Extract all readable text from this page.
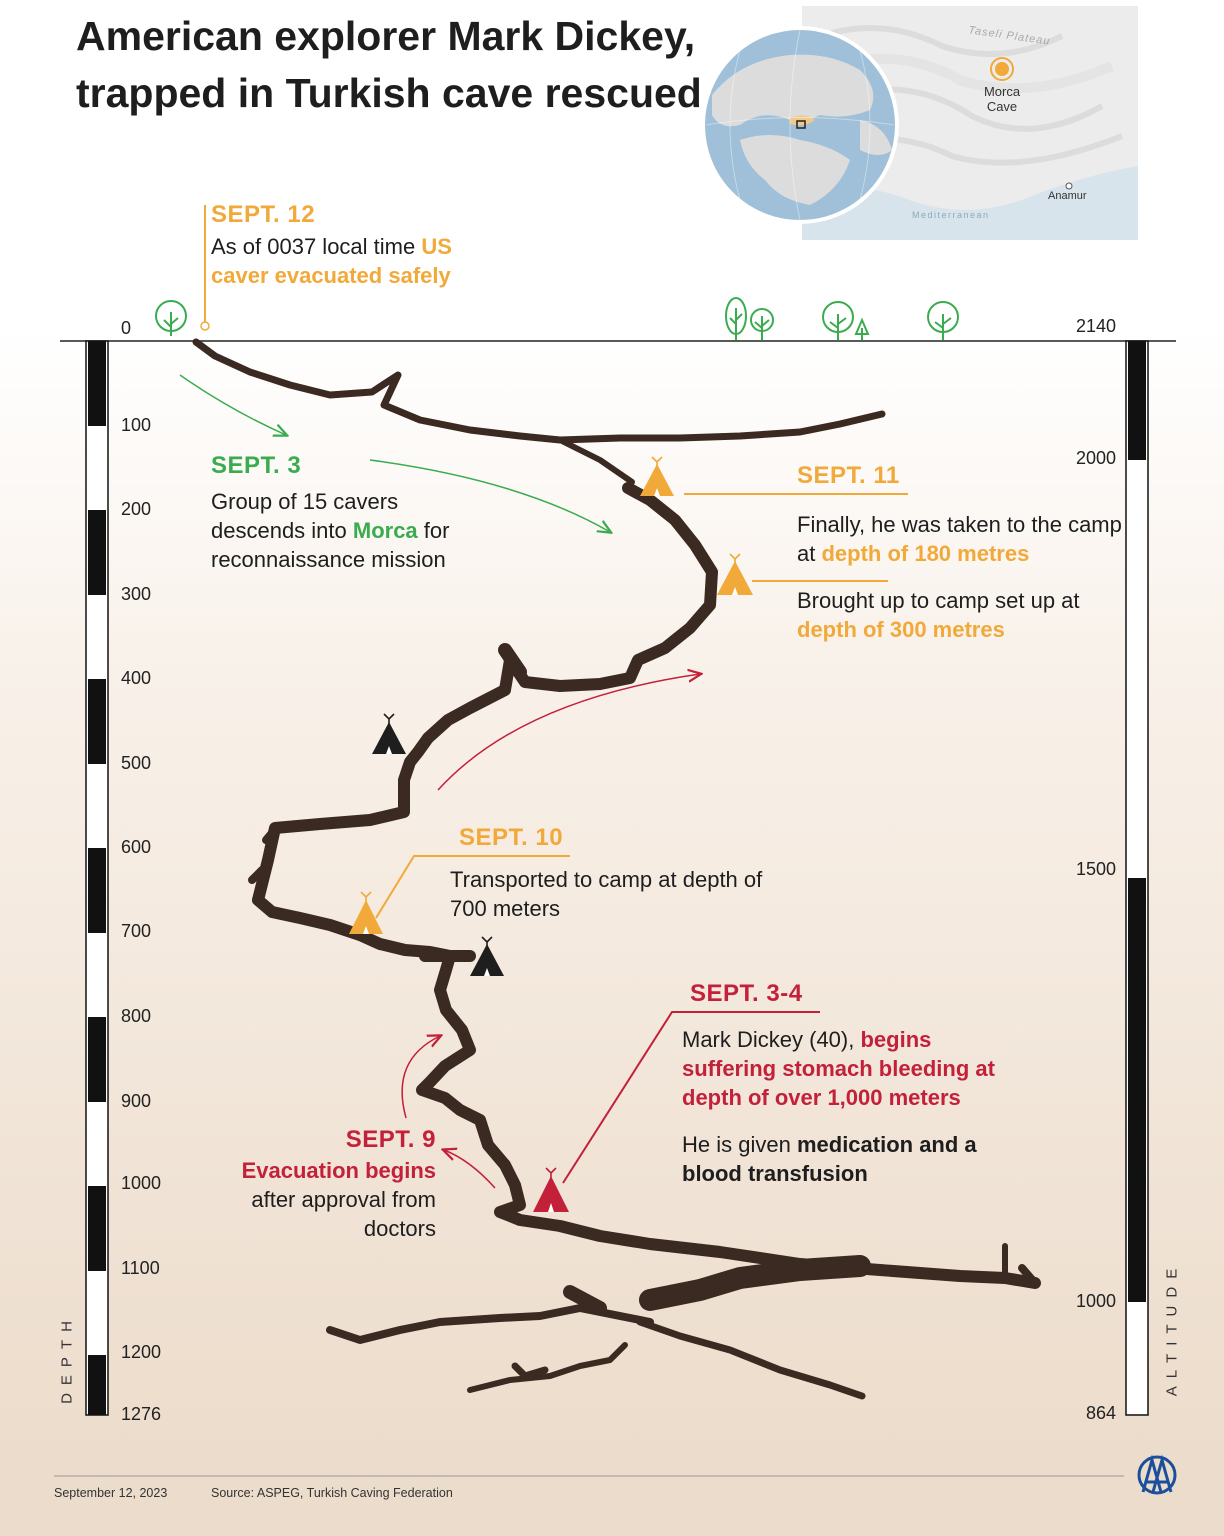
American explorer Mark Dickey, trapped in Turkish cave rescued
Taseli Plateau
Morca
Cave
Anamur
Mediterranean
SEPT. 12
As of 0037 local time US caver evacuated safely
SEPT. 3
Group of 15 cavers descends into Morca for reconnaissance mission
SEPT. 11
Finally, he was taken to the camp at depth of 180 metres
Brought up to camp set up at depth of 300 metres
SEPT. 10
Transported to camp at depth of 700 meters
SEPT. 3-4
Mark Dickey (40), begins suffering stomach bleeding at depth of over 1,000 meters
He is given medication and a blood transfusion
SEPT. 9
Evacuation begins
after approval from doctors
0
100
200
300
400
500
600
700
800
900
1000
1100
1200
1276
2140
2000
1500
1000
864
DEPTH	ALTITUDE
September 12, 2023	Source: ASPEG, Turkish Caving Federation
